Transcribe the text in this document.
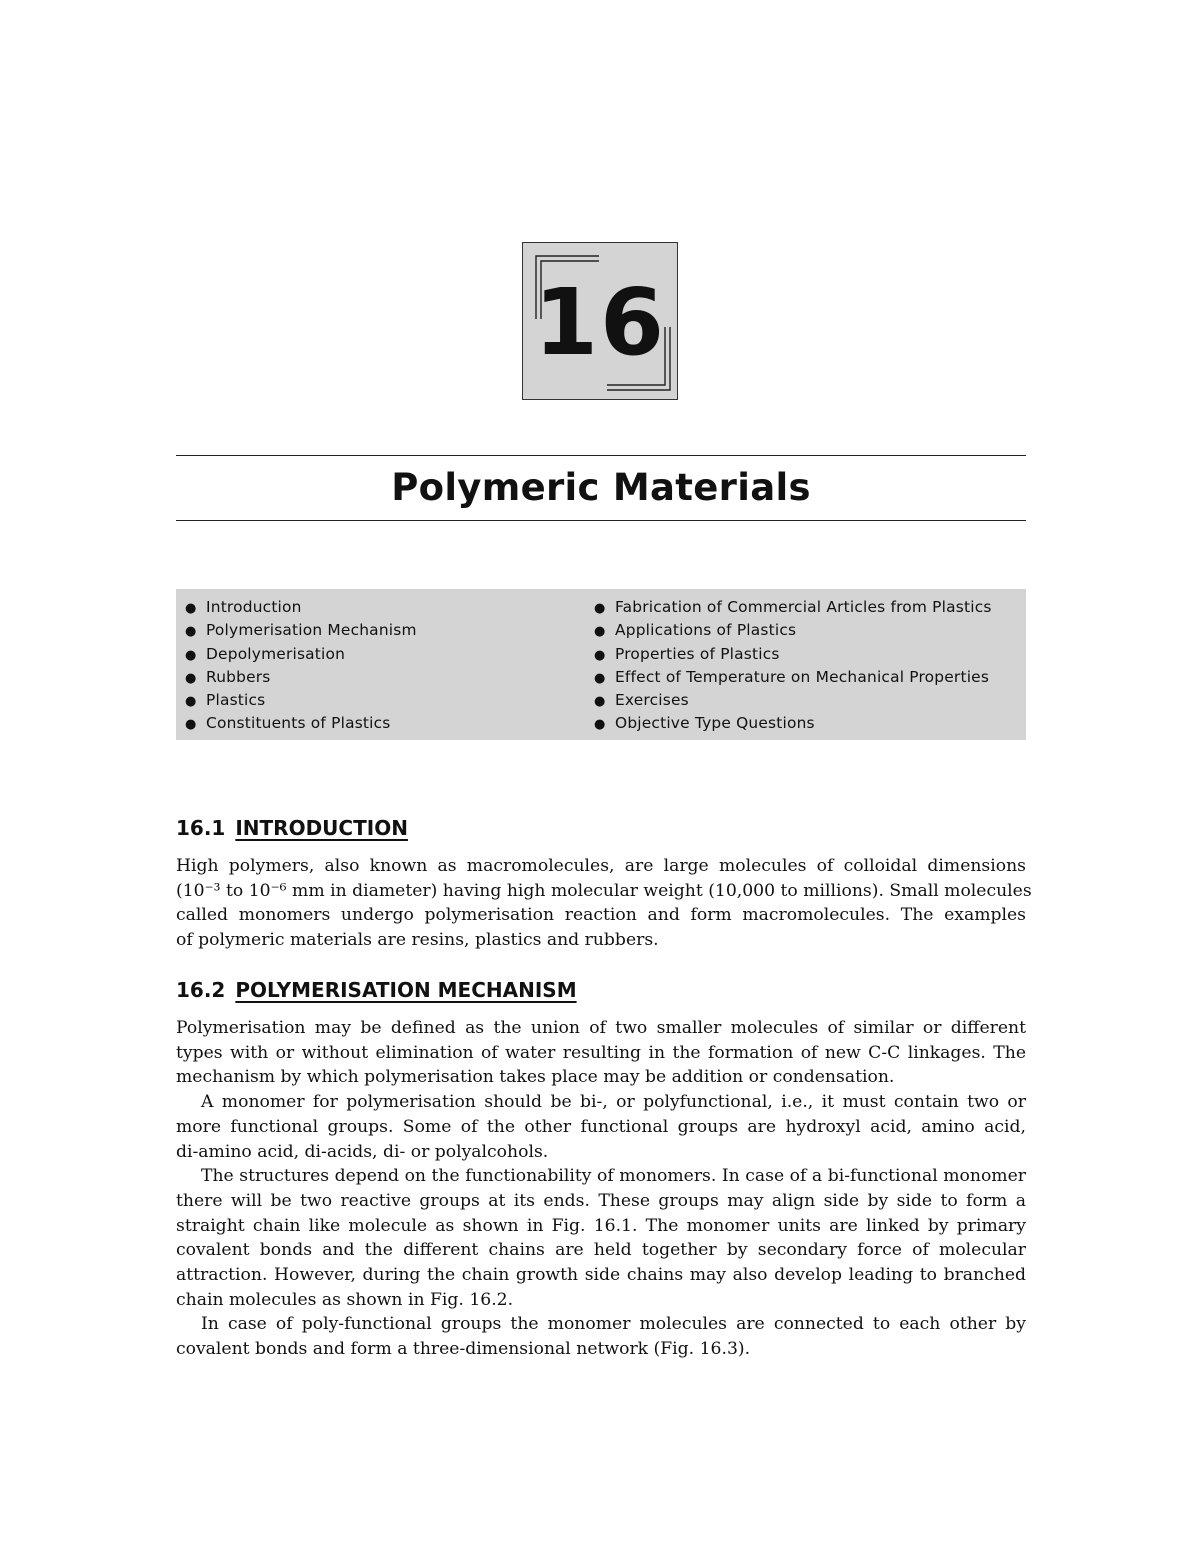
16
Polymeric Materials
● Introduction
● Polymerisation Mechanism
● Depolymerisation
● Rubbers
● Plastics
● Constituents of Plastics
● Fabrication of Commercial Articles from Plastics
● Applications of Plastics
● Properties of Plastics
● Effect of Temperature on Mechanical Properties
● Exercises
● Objective Type Questions
16.1 INTRODUCTION
High polymers, also known as macromolecules, are large molecules of colloidal dimensions
(10⁻³ to 10⁻⁶ mm in diameter) having high molecular weight (10,000 to millions). Small molecules
called monomers undergo polymerisation reaction and form macromolecules. The examples
of polymeric materials are resins, plastics and rubbers.
16.2 POLYMERISATION MECHANISM
Polymerisation may be defined as the union of two smaller molecules of similar or different
types with or without elimination of water resulting in the formation of new C-C linkages. The
mechanism by which polymerisation takes place may be addition or condensation.
A monomer for polymerisation should be bi-, or polyfunctional, i.e., it must contain two or
more functional groups. Some of the other functional groups are hydroxyl acid, amino acid,
di-amino acid, di-acids, di- or polyalcohols.
The structures depend on the functionability of monomers. In case of a bi-functional monomer
there will be two reactive groups at its ends. These groups may align side by side to form a
straight chain like molecule as shown in Fig. 16.1. The monomer units are linked by primary
covalent bonds and the different chains are held together by secondary force of molecular
attraction. However, during the chain growth side chains may also develop leading to branched
chain molecules as shown in Fig. 16.2.
In case of poly-functional groups the monomer molecules are connected to each other by
covalent bonds and form a three-dimensional network (Fig. 16.3).
